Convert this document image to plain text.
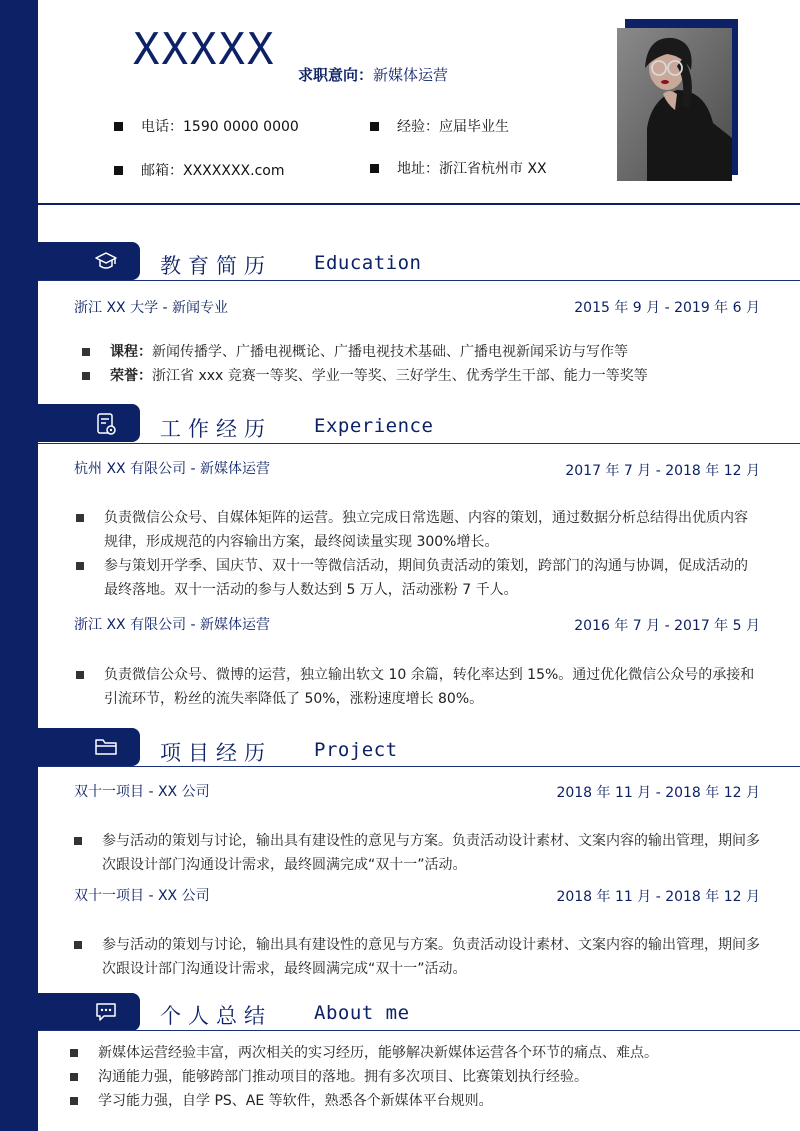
XXXXX 求职意向：新媒体运营
电话：1590 0000 0000	经验：应届毕业生
邮箱：XXXXXXX.com	地址：浙江省杭州市 XX
教育简历 Education
浙江 XX 大学 - 新闻专业	2015 年 9 月 - 2019 年 6 月
课程：新闻传播学、广播电视概论、广播电视技术基础、广播电视新闻采访与写作等
荣誉：浙江省 xxx 竞赛一等奖、学业一等奖、三好学生、优秀学生干部、能力一等奖等
工作经历 Experience
杭州 XX 有限公司 - 新媒体运营	2017 年 7 月 - 2018 年 12 月
负责微信公众号、自媒体矩阵的运营。独立完成日常选题、内容的策划，通过数据分析总结得出优质内容规律，形成规范的内容输出方案，最终阅读量实现 300%增长。
参与策划开学季、国庆节、双十一等微信活动，期间负责活动的策划，跨部门的沟通与协调，促成活动的最终落地。双十一活动的参与人数达到 5 万人，活动涨粉 7 千人。
浙江 XX 有限公司 - 新媒体运营	2016 年 7 月 - 2017 年 5 月
负责微信公众号、微博的运营，独立输出软文 10 余篇，转化率达到 15%。通过优化微信公众号的承接和引流环节，粉丝的流失率降低了 50%，涨粉速度增长 80%。
项目经历 Project
双十一项目 - XX 公司	2018 年 11 月 - 2018 年 12 月
参与活动的策划与讨论，输出具有建设性的意见与方案。负责活动设计素材、文案内容的输出管理，期间多次跟设计部门沟通设计需求，最终圆满完成“双十一”活动。
双十一项目 - XX 公司	2018 年 11 月 - 2018 年 12 月
参与活动的策划与讨论，输出具有建设性的意见与方案。负责活动设计素材、文案内容的输出管理，期间多次跟设计部门沟通设计需求，最终圆满完成“双十一”活动。
个人总结 About me
新媒体运营经验丰富，两次相关的实习经历，能够解决新媒体运营各个环节的痛点、难点。
沟通能力强，能够跨部门推动项目的落地。拥有多次项目、比赛策划执行经验。
学习能力强，自学 PS、AE 等软件，熟悉各个新媒体平台规则。
